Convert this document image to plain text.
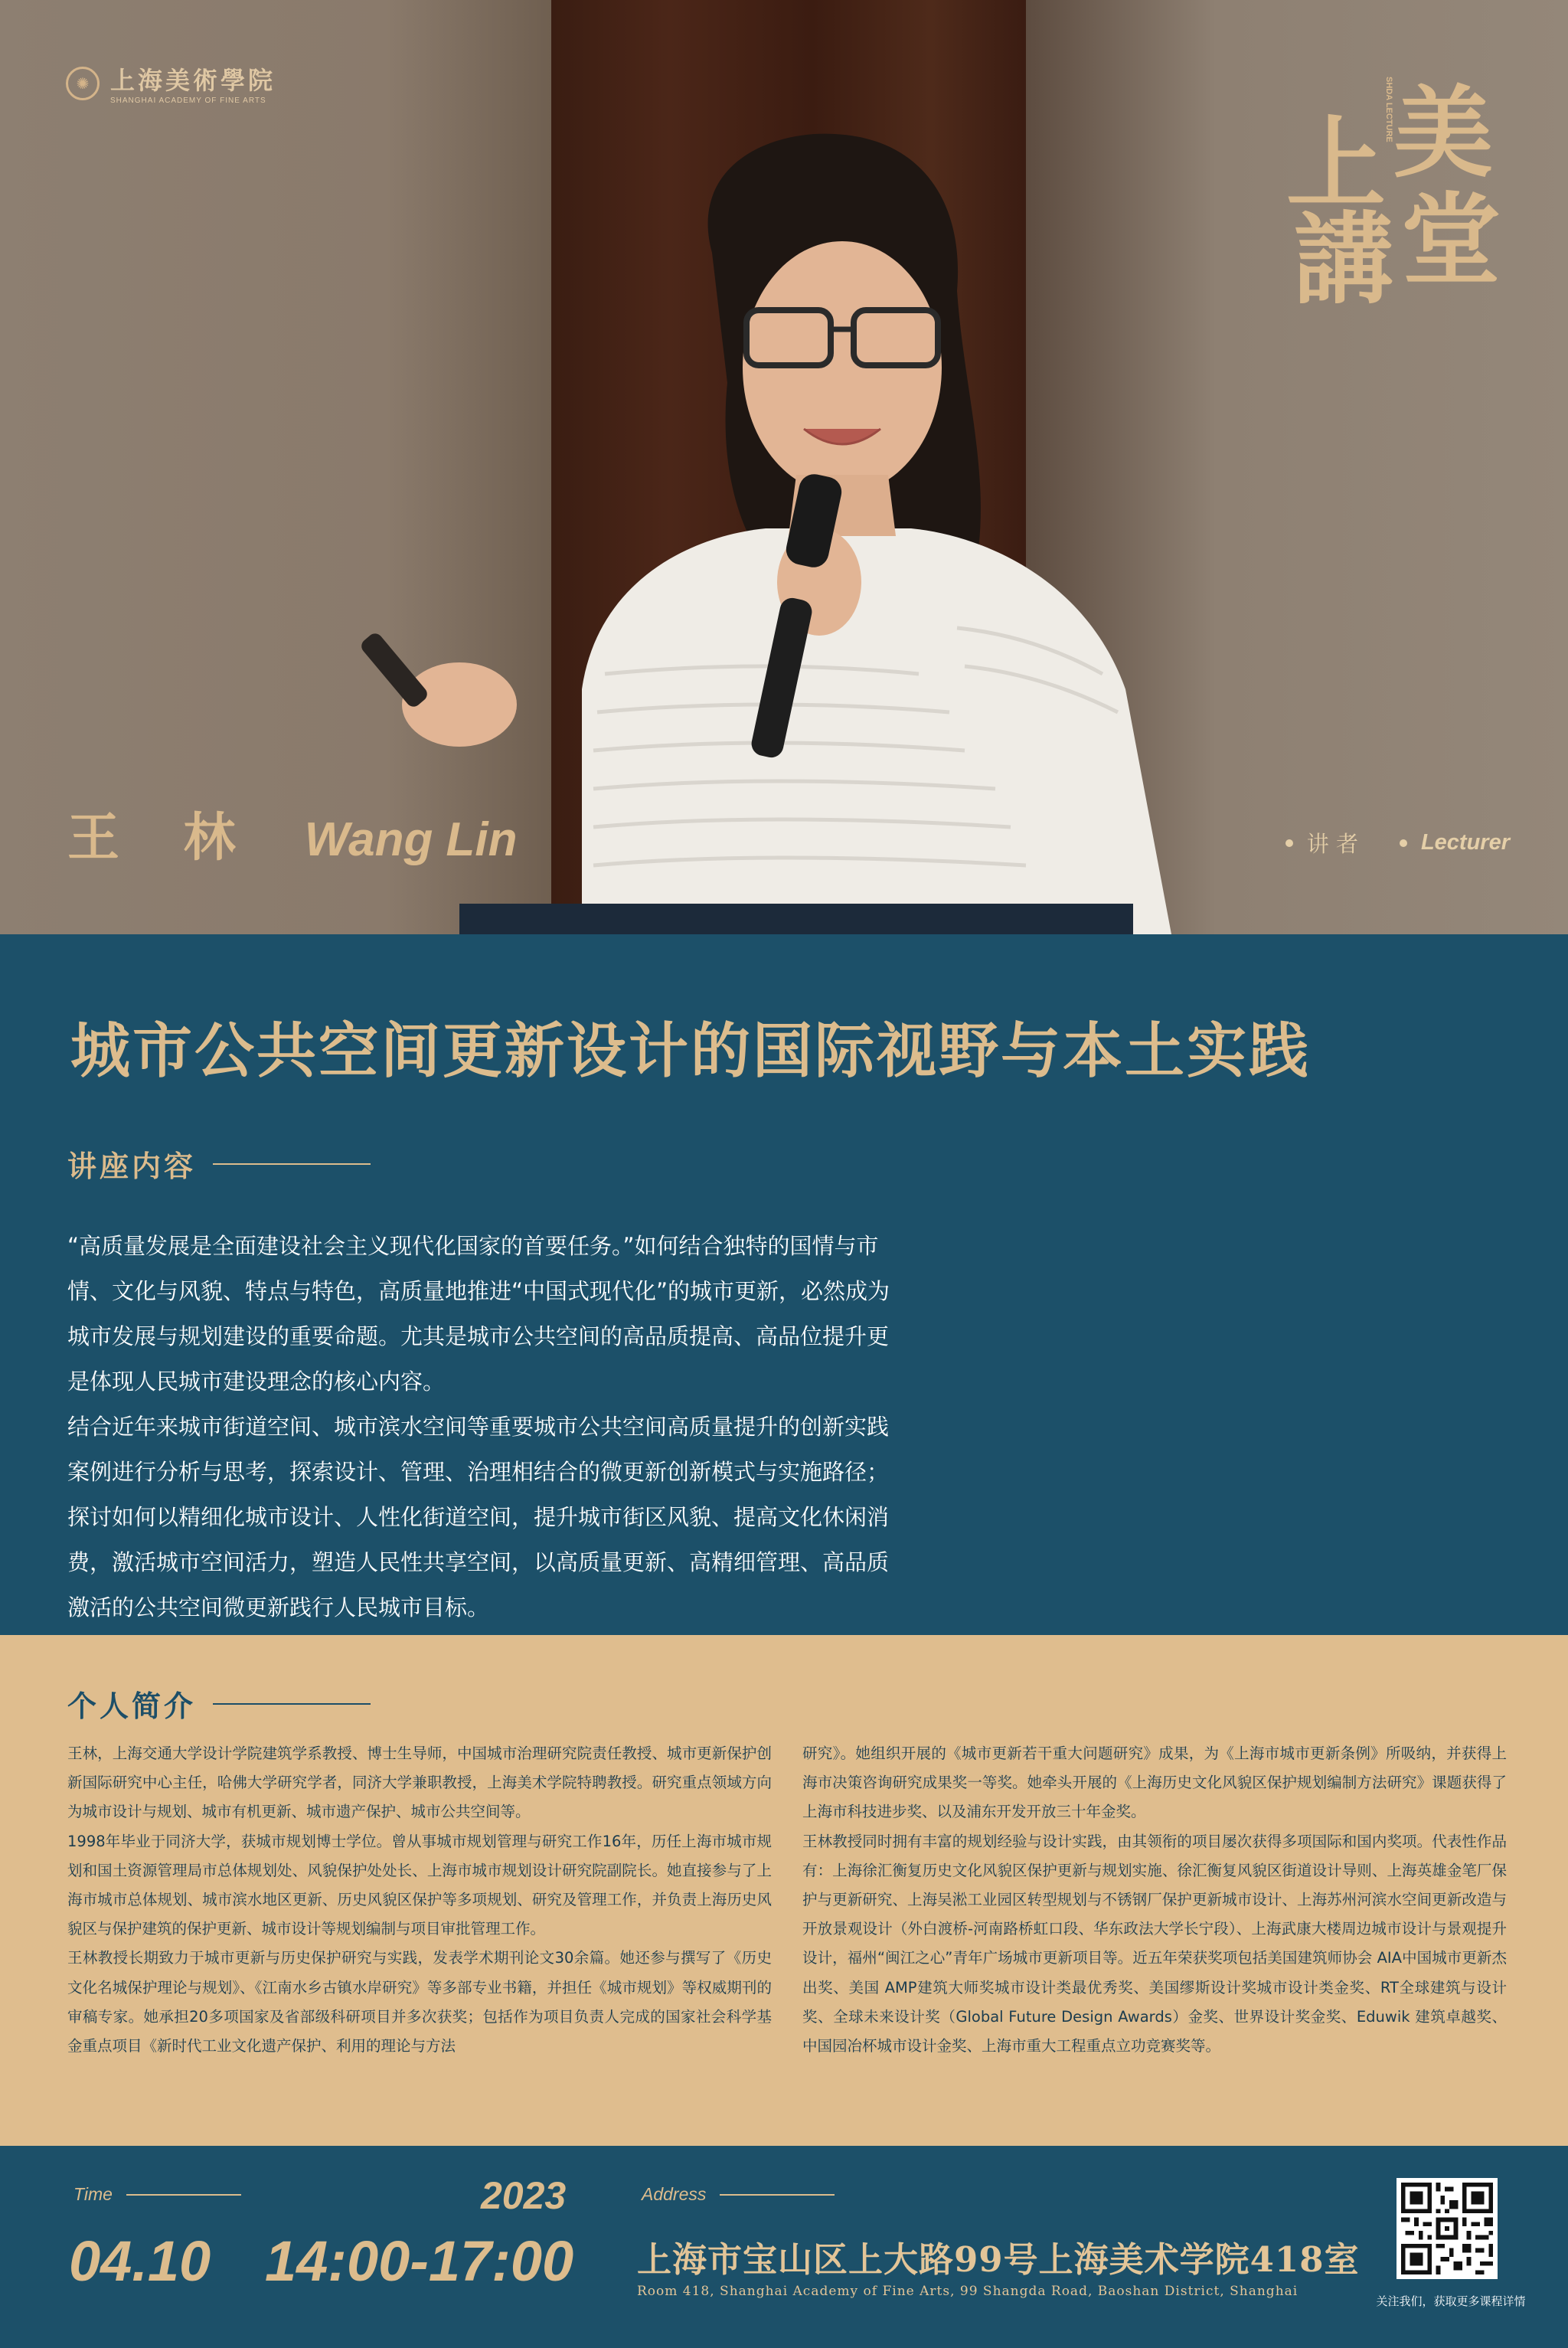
✺ 上海美術學院
SHANGHAI ACADEMY OF FINE ARTS
上 美
講 堂
SHDA LECTURE
王 林 Wang Lin	讲 者	Lecturer
城市公共空间更新设计的国际视野与本土实践
讲座内容

“高质量发展是全面建设社会主义现代化国家的首要任务。”如何结合独特的国情与市情、文化与风貌、特点与特色，高质量地推进“中国式现代化”的城市更新，必然成为城市发展与规划建设的重要命题。尤其是城市公共空间的高品质提高、高品位提升更是体现人民城市建设理念的核心内容。

结合近年来城市街道空间、城市滨水空间等重要城市公共空间高质量提升的创新实践案例进行分析与思考，探索设计、管理、治理相结合的微更新创新模式与实施路径；探讨如何以精细化城市设计、人性化街道空间，提升城市街区风貌、提高文化休闲消费，激活城市空间活力，塑造人民性共享空间，以高质量更新、高精细管理、高品质激活的公共空间微更新践行人民城市目标。

个人简介

王林，上海交通大学设计学院建筑学系教授、博士生导师，中国城市治理研究院责任教授、城市更新保护创新国际研究中心主任，哈佛大学研究学者，同济大学兼职教授，上海美术学院特聘教授。研究重点领域方向为城市设计与规划、城市有机更新、城市遗产保护、城市公共空间等。

1998年毕业于同济大学，获城市规划博士学位。曾从事城市规划管理与研究工作16年，历任上海市城市规划和国土资源管理局市总体规划处、风貌保护处处长、上海市城市规划设计研究院副院长。她直接参与了上海市城市总体规划、城市滨水地区更新、历史风貌区保护等多项规划、研究及管理工作，并负责上海历史风貌区与保护建筑的保护更新、城市设计等规划编制与项目审批管理工作。

王林教授长期致力于城市更新与历史保护研究与实践，发表学术期刊论文30余篇。她还参与撰写了《历史文化名城保护理论与规划》、《江南水乡古镇水岸研究》等多部专业书籍，并担任《城市规划》等权威期刊的审稿专家。她承担20多项国家及省部级科研项目并多次获奖；包括作为项目负责人完成的国家社会科学基金重点项目《新时代工业文化遗产保护、利用的理论与方法

研究》。她组织开展的《城市更新若干重大问题研究》成果，为《上海市城市更新条例》所吸纳，并获得上海市决策咨询研究成果奖一等奖。她牵头开展的《上海历史文化风貌区保护规划编制方法研究》课题获得了上海市科技进步奖、以及浦东开发开放三十年金奖。

王林教授同时拥有丰富的规划经验与设计实践，由其领衔的项目屡次获得多项国际和国内奖项。代表性作品有：上海徐汇衡复历史文化风貌区保护更新与规划实施、徐汇衡复风貌区街道设计导则、上海英雄金笔厂保护与更新研究、上海吴淞工业园区转型规划与不锈钢厂保护更新城市设计、上海苏州河滨水空间更新改造与开放景观设计（外白渡桥-河南路桥虹口段、华东政法大学长宁段）、上海武康大楼周边城市设计与景观提升设计，福州“闽江之心”青年广场城市更新项目等。近五年荣获奖项包括美国建筑师协会 AIA中国城市更新杰出奖、美国 AMP建筑大师奖城市设计类最优秀奖、美国缪斯设计奖城市设计类金奖、RT全球建筑与设计奖、全球未来设计奖（Global Future Design Awards）金奖、世界设计奖金奖、Eduwik 建筑卓越奖、中国园冶杯城市设计金奖、上海市重大工程重点立功竞赛奖等。

Time	2023
04.10 14:00-17:00
Address
上海市宝山区上大路99号上海美术学院418室
Room 418, Shanghai Academy of Fine Arts, 99 Shangda Road, Baoshan District, Shanghai
关注我们，获取更多课程详情
